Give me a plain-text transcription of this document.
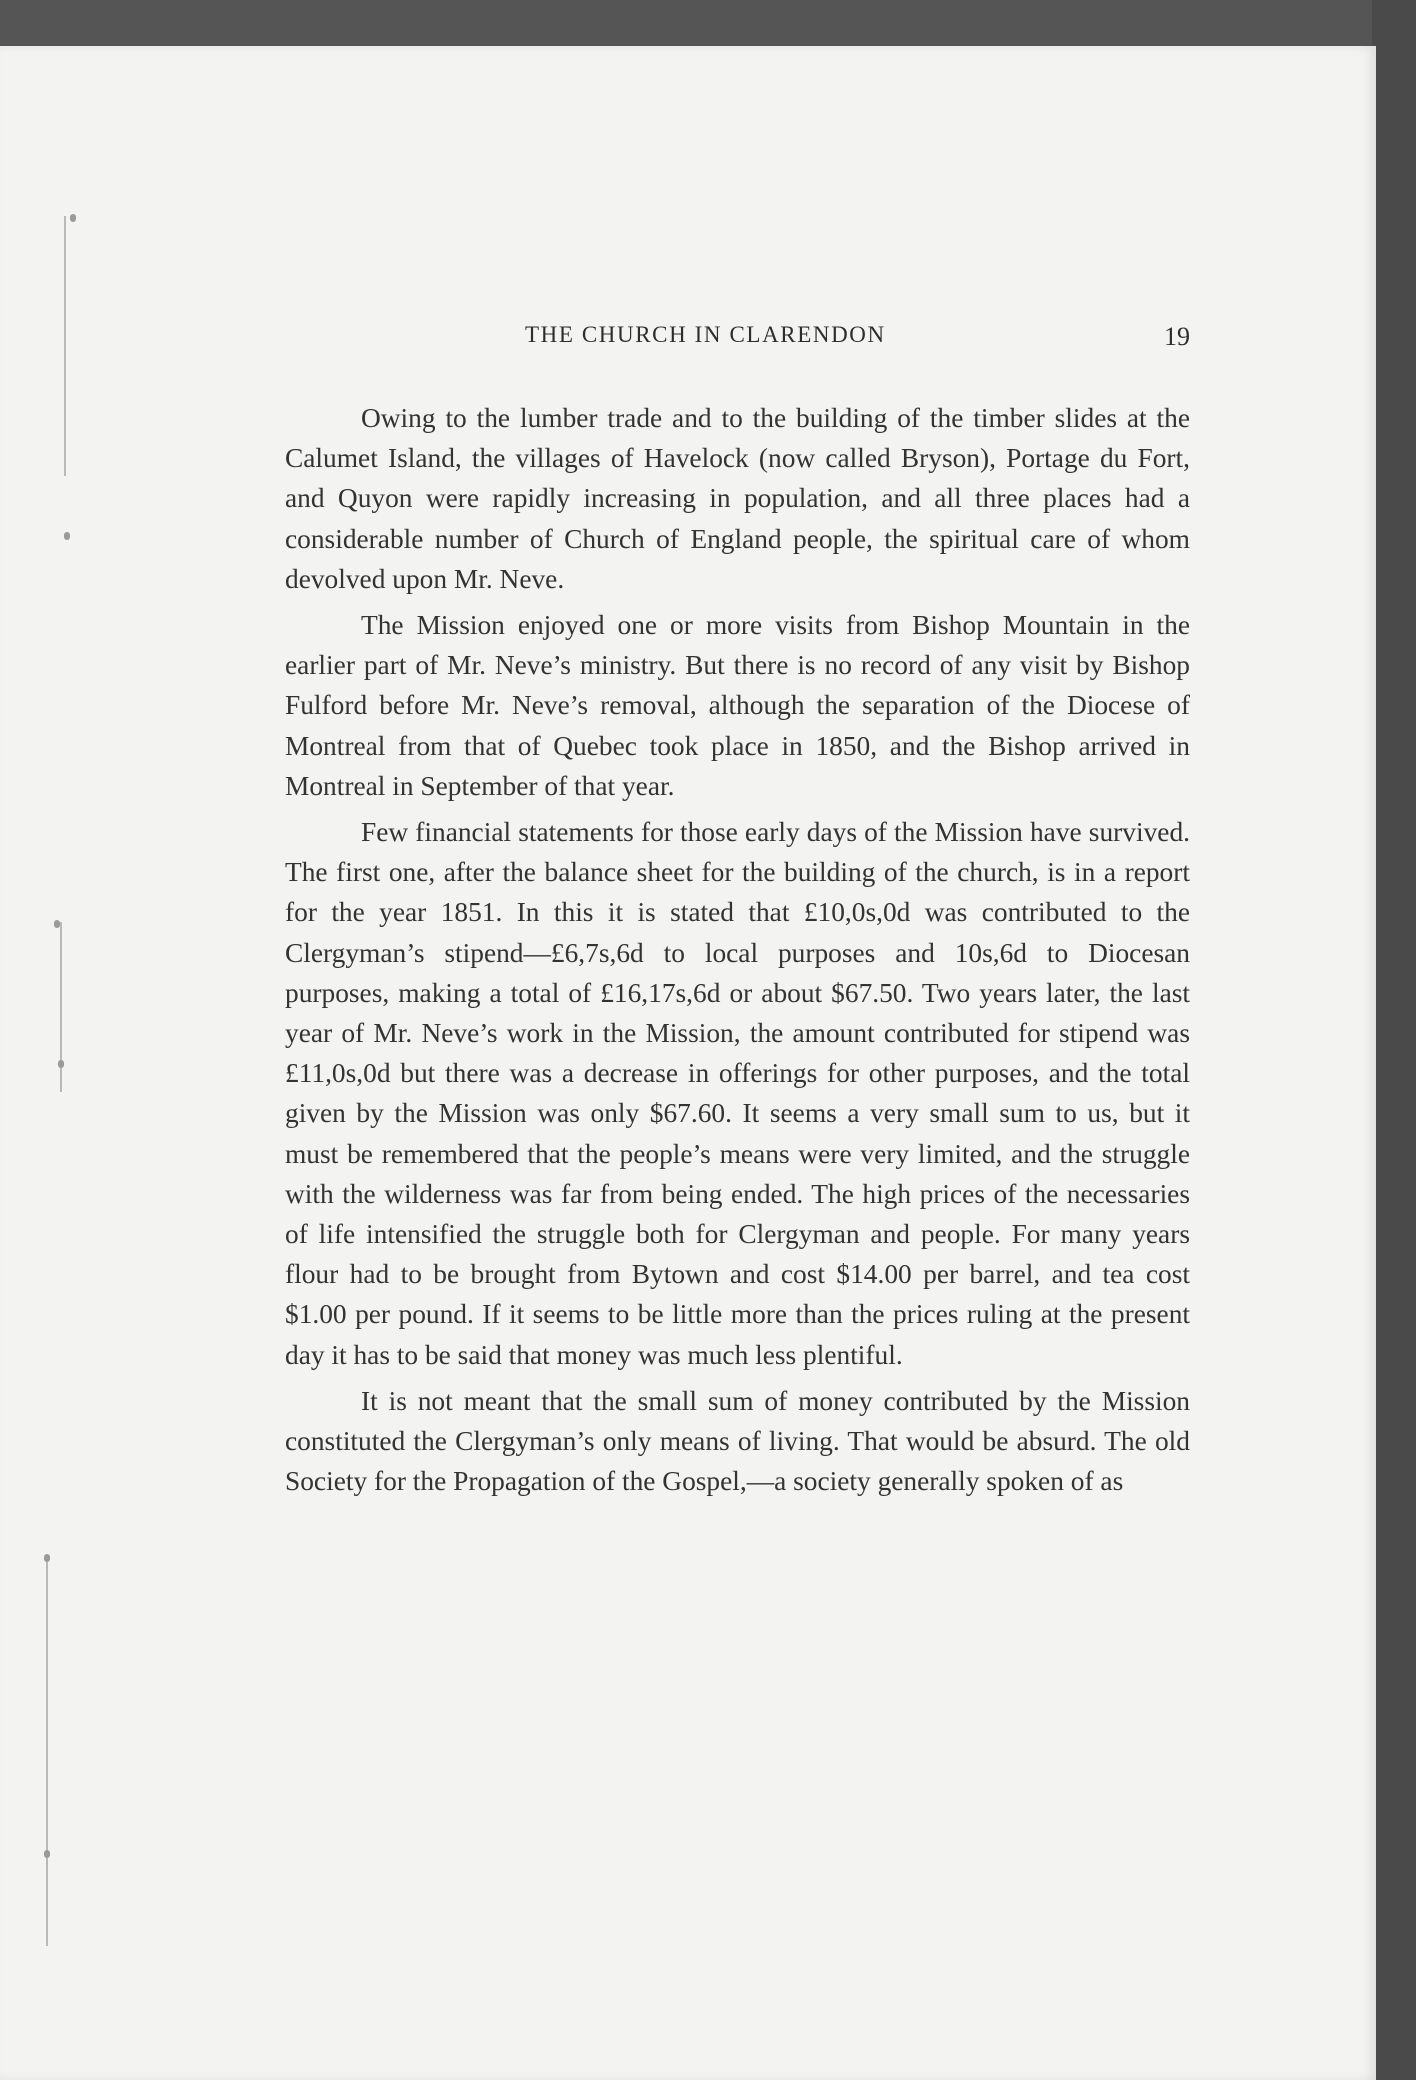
THE CHURCH IN CLARENDON	19

Owing to the lumber trade and to the building of the timber slides at the Calumet Island, the villages of Havelock (now called Bryson), Portage du Fort, and Quyon were rapidly increasing in population, and all three places had a considerable number of Church of England people, the spiritual care of whom devolved upon Mr. Neve.

The Mission enjoyed one or more visits from Bishop Mountain in the earlier part of Mr. Neve’s ministry. But there is no record of any visit by Bishop Fulford before Mr. Neve’s removal, although the separation of the Diocese of Montreal from that of Quebec took place in 1850, and the Bishop arrived in Montreal in September of that year.

Few financial statements for those early days of the Mission have survived. The first one, after the balance sheet for the building of the church, is in a report for the year 1851. In this it is stated that £10,0s,0d was contributed to the Clergyman’s stipend—£6,7s,6d to local purposes and 10s,6d to Diocesan purposes, making a total of £16,17s,6d or about $67.50. Two years later, the last year of Mr. Neve’s work in the Mission, the amount contributed for stipend was £11,0s,0d but there was a decrease in offerings for other purposes, and the total given by the Mission was only $67.60. It seems a very small sum to us, but it must be remembered that the people’s means were very limited, and the struggle with the wilderness was far from being ended. The high prices of the necessaries of life intensified the struggle both for Clergyman and people. For many years flour had to be brought from Bytown and cost $14.00 per barrel, and tea cost $1.00 per pound. If it seems to be little more than the prices ruling at the present day it has to be said that money was much less plentiful.

It is not meant that the small sum of money contributed by the Mission constituted the Clergyman’s only means of living. That would be absurd. The old Society for the Propagation of the Gospel,—a society generally spoken of as
